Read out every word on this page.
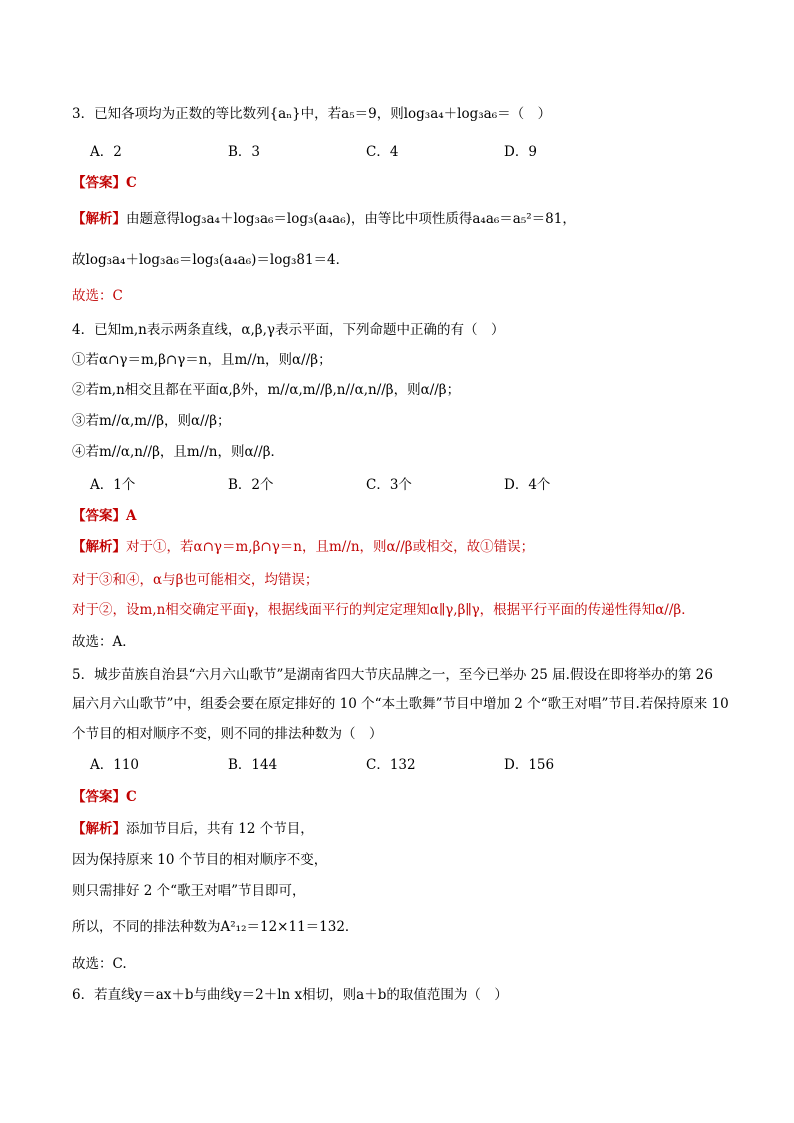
3．已知各项均为正数的等比数列{aₙ}中，若a₅＝9，则log₃a₄＋log₃a₆＝（　）
A．2	B．3	C．4	D．9
【答案】C
【解析】由题意得log₃a₄＋log₃a₆＝log₃(a₄a₆)，由等比中项性质得a₄a₆＝a₅²＝81，
故log₃a₄＋log₃a₆＝log₃(a₄a₆)＝log₃81＝4．
故选：C
4．已知m,n表示两条直线，α,β,γ表示平面，下列命题中正确的有（　）
①若α∩γ＝m,β∩γ＝n，且m//n，则α//β；
②若m,n相交且都在平面α,β外，m//α,m//β,n//α,n//β，则α//β；
③若m//α,m//β，则α//β；
④若m//α,n//β，且m//n，则α//β．
A．1个	B．2个	C．3个	D．4个
【答案】A
【解析】对于①，若α∩γ＝m,β∩γ＝n，且m//n，则α//β或相交，故①错误；
对于③和④，α与β也可能相交，均错误；
对于②，设m,n相交确定平面γ，根据线面平行的判定定理知α∥γ,β∥γ，根据平行平面的传递性得知α//β．
故选：A．
5．城步苗族自治县“六月六山歌节”是湖南省四大节庆品牌之一，至今已举办 25 届.假设在即将举办的第 26
届六月六山歌节”中，组委会要在原定排好的 10 个“本土歌舞”节目中增加 2 个“歌王对唱”节目.若保持原来 10
个节目的相对顺序不变，则不同的排法种数为（　）
A．110	B．144	C．132	D．156
【答案】C
【解析】添加节目后，共有 12 个节目，
因为保持原来 10 个节目的相对顺序不变，
则只需排好 2 个“歌王对唱”节目即可，
所以，不同的排法种数为A²₁₂＝12×11＝132．
故选：C.
6．若直线y＝ax＋b与曲线y＝2＋ln x相切，则a＋b的取值范围为（　）
